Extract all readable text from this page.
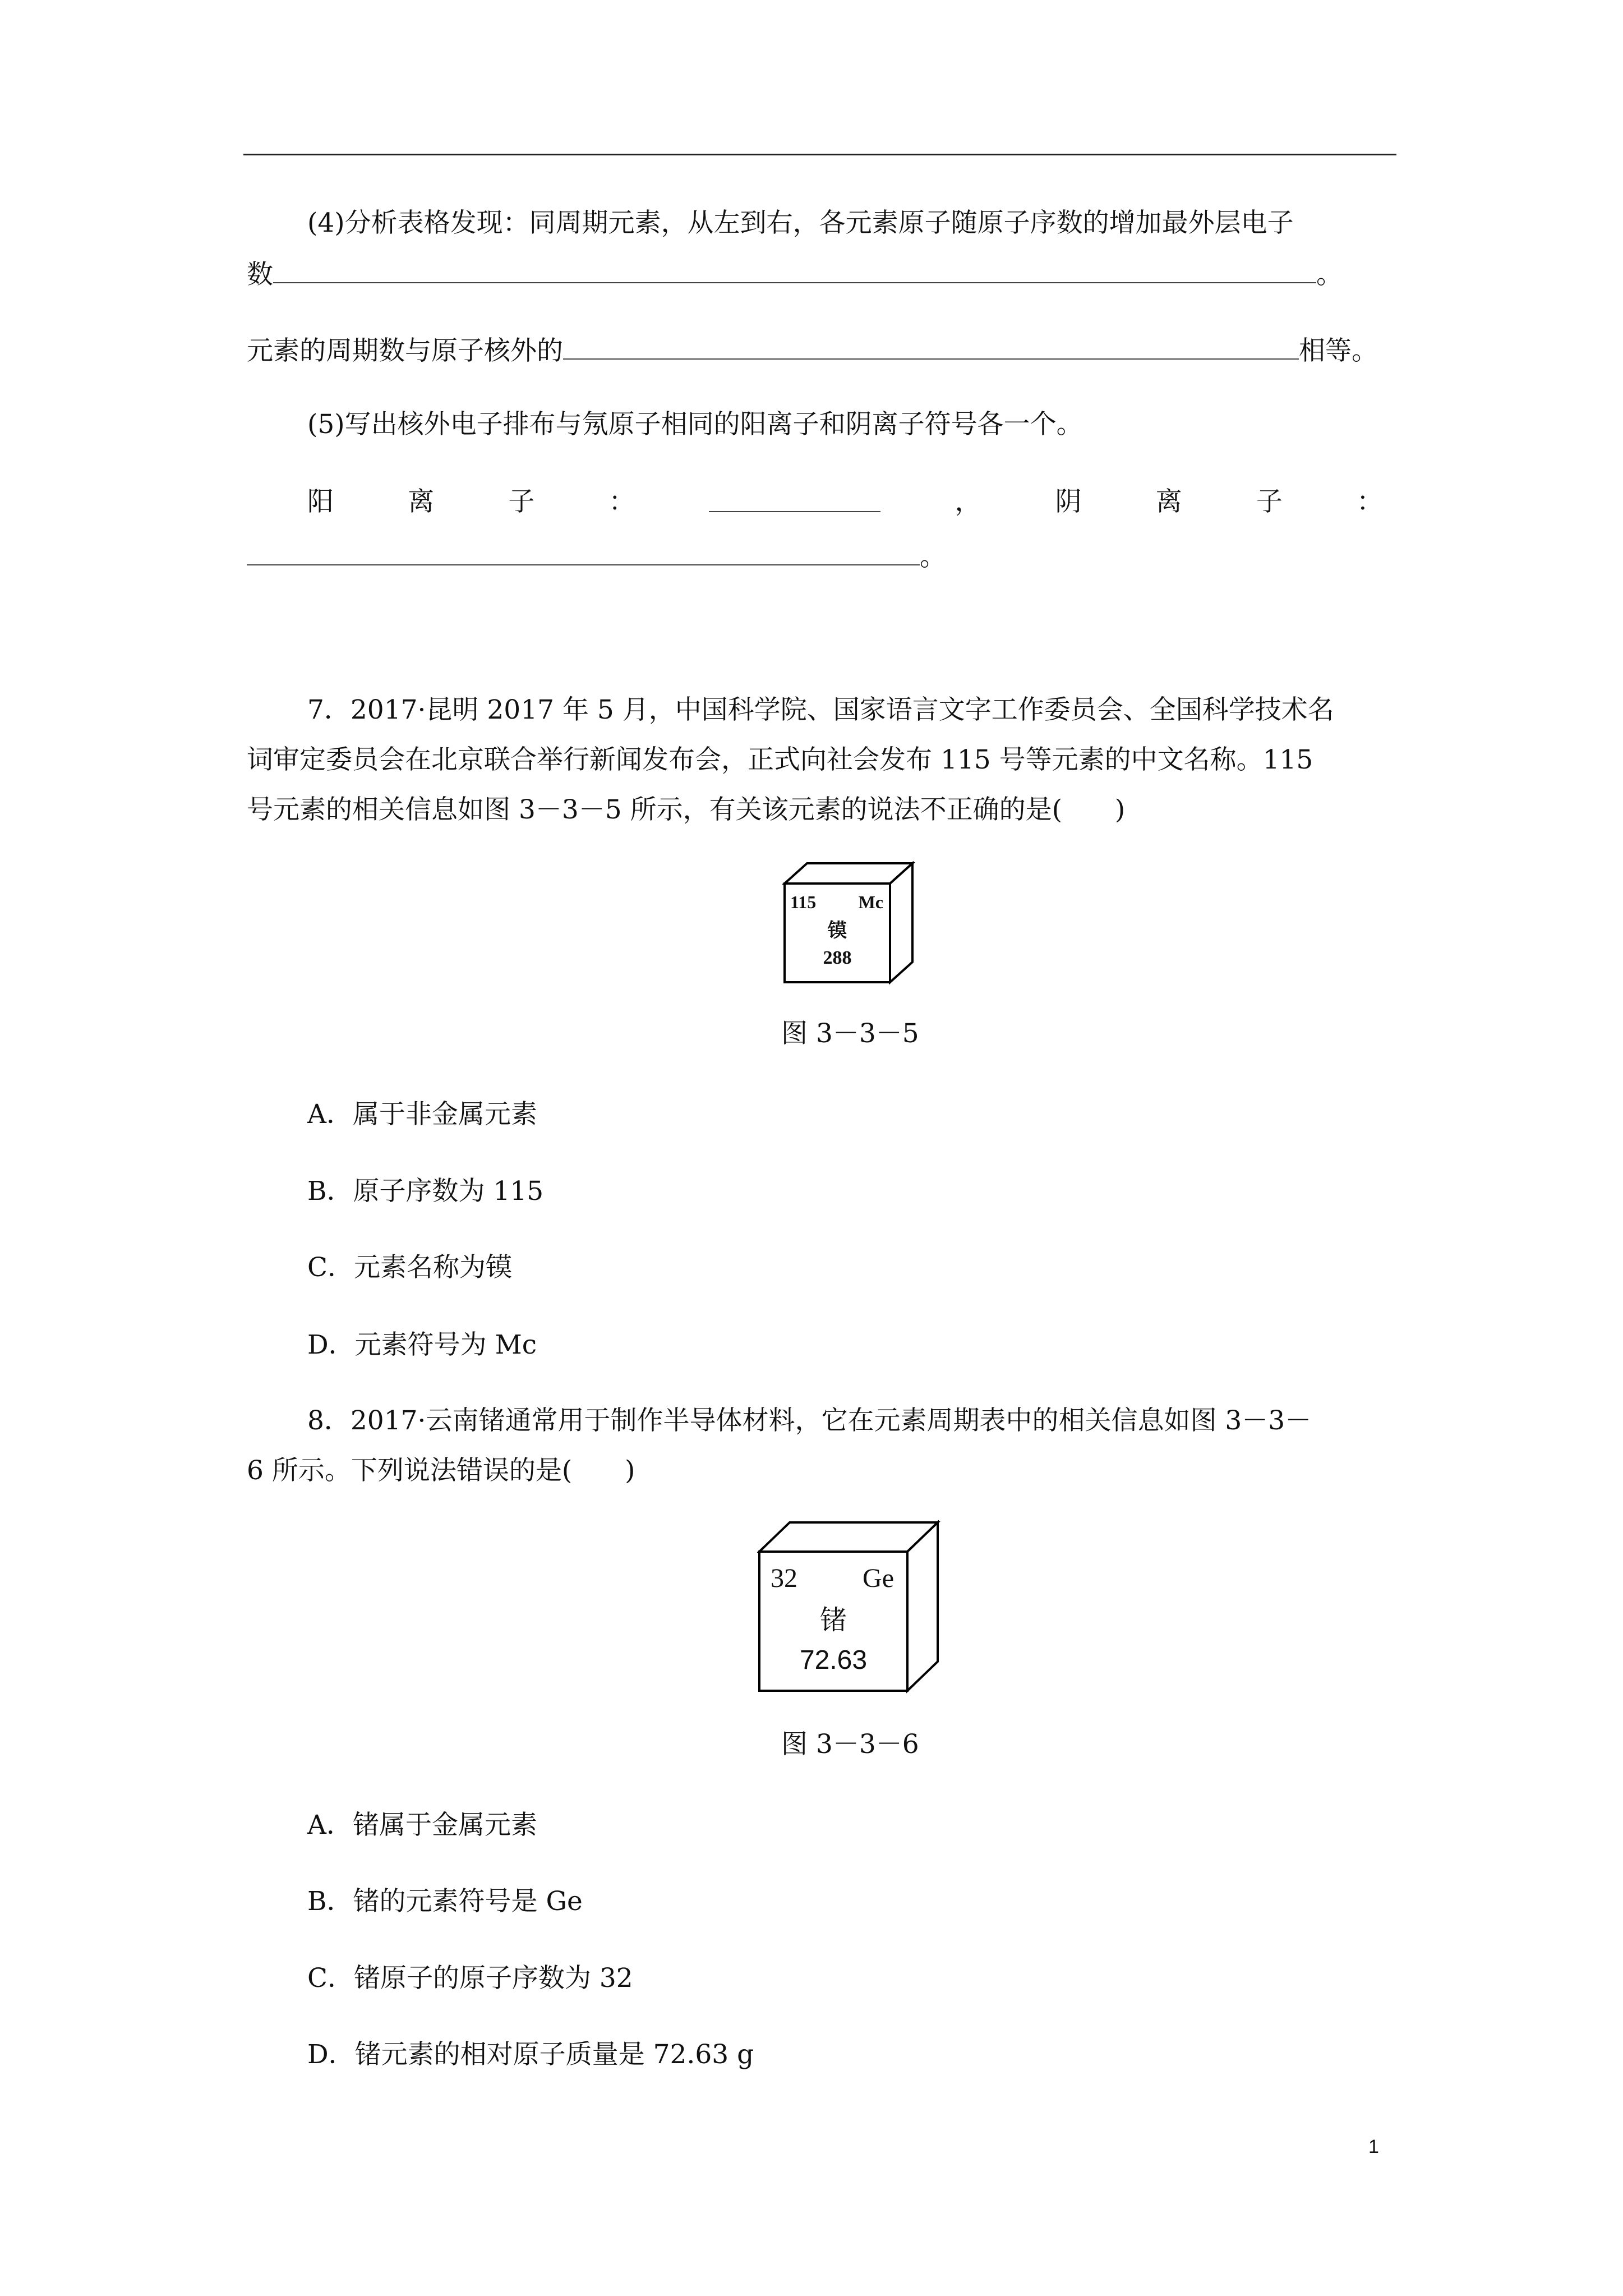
(4)分析表格发现：同周期元素，从左到右，各元素原子随原子序数的增加最外层电子
数	。
元素的周期数与原子核外的	相等。
(5)写出核外电子排布与氖原子相同的阳离子和阴离子符号各一个。
阳	离	子	：	，	阴	离	子	：
。
7．2017·昆明 2017 年 5 月，中国科学院、国家语言文字工作委员会、全国科学技术名
词审定委员会在北京联合举行新闻发布会，正式向社会发布 115 号等元素的中文名称。115
号元素的相关信息如图 3－3－5 所示，有关该元素的说法不正确的是(　　)
115 Mc
镆
288
图 3－3－5
A．属于非金属元素
B．原子序数为 115
C．元素名称为镆
D．元素符号为 Mc
8．2017·云南锗通常用于制作半导体材料，它在元素周期表中的相关信息如图 3－3－
6 所示。下列说法错误的是(　　)
32 Ge
锗
72.63
图 3－3－6
A．锗属于金属元素
B．锗的元素符号是 Ge
C．锗原子的原子序数为 32
D．锗元素的相对原子质量是 72.63 g
1
